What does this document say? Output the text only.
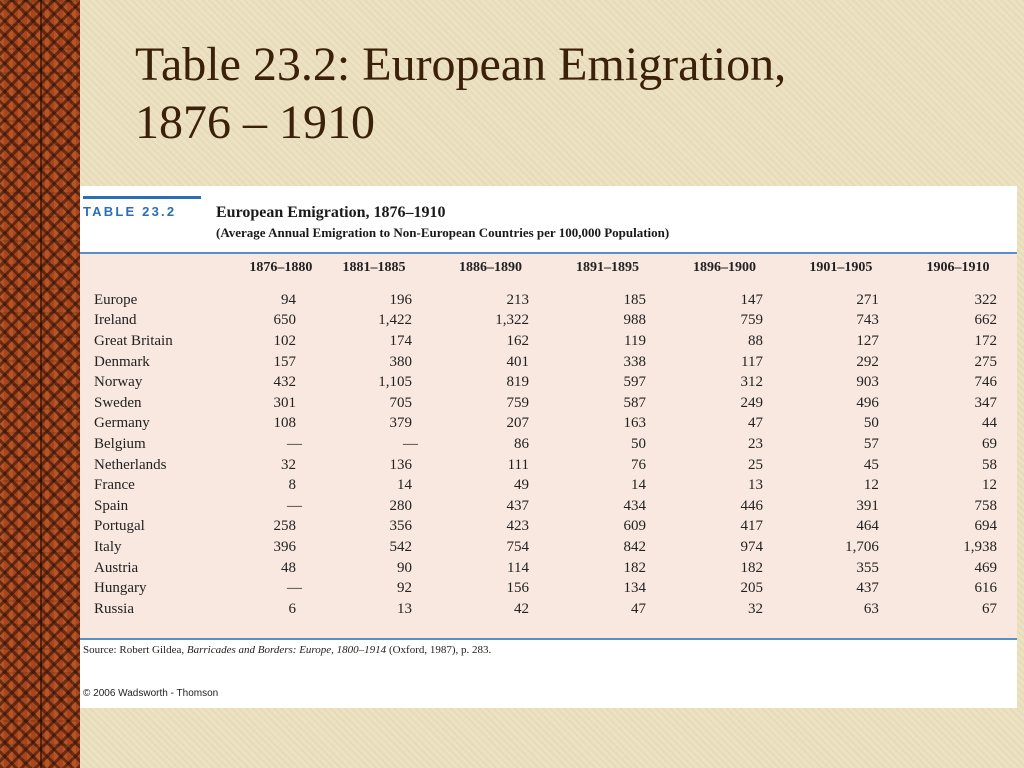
Table 23.2: European Emigration,
1876 – 1910
TABLE 23.2 European Emigration, 1876–1910
(Average Annual Emigration to Non-European Countries per 100,000 Population)
	1876–1880	1881–1885	1886–1890	1891–1895	1896–1900	1901–1905	1906–1910
Europe	94	196	213	185	147	271	322
Ireland	650	1,422	1,322	988	759	743	662
Great Britain	102	174	162	119	88	127	172
Denmark	157	380	401	338	117	292	275
Norway	432	1,105	819	597	312	903	746
Sweden	301	705	759	587	249	496	347
Germany	108	379	207	163	47	50	44
Belgium	—	—	86	50	23	57	69
Netherlands	32	136	111	76	25	45	58
France	8	14	49	14	13	12	12
Spain	—	280	437	434	446	391	758
Portugal	258	356	423	609	417	464	694
Italy	396	542	754	842	974	1,706	1,938
Austria	48	90	114	182	182	355	469
Hungary	—	92	156	134	205	437	616
Russia	6	13	42	47	32	63	67
Source: Robert Gildea, Barricades and Borders: Europe, 1800–1914 (Oxford, 1987), p. 283.
© 2006 Wadsworth - Thomson
